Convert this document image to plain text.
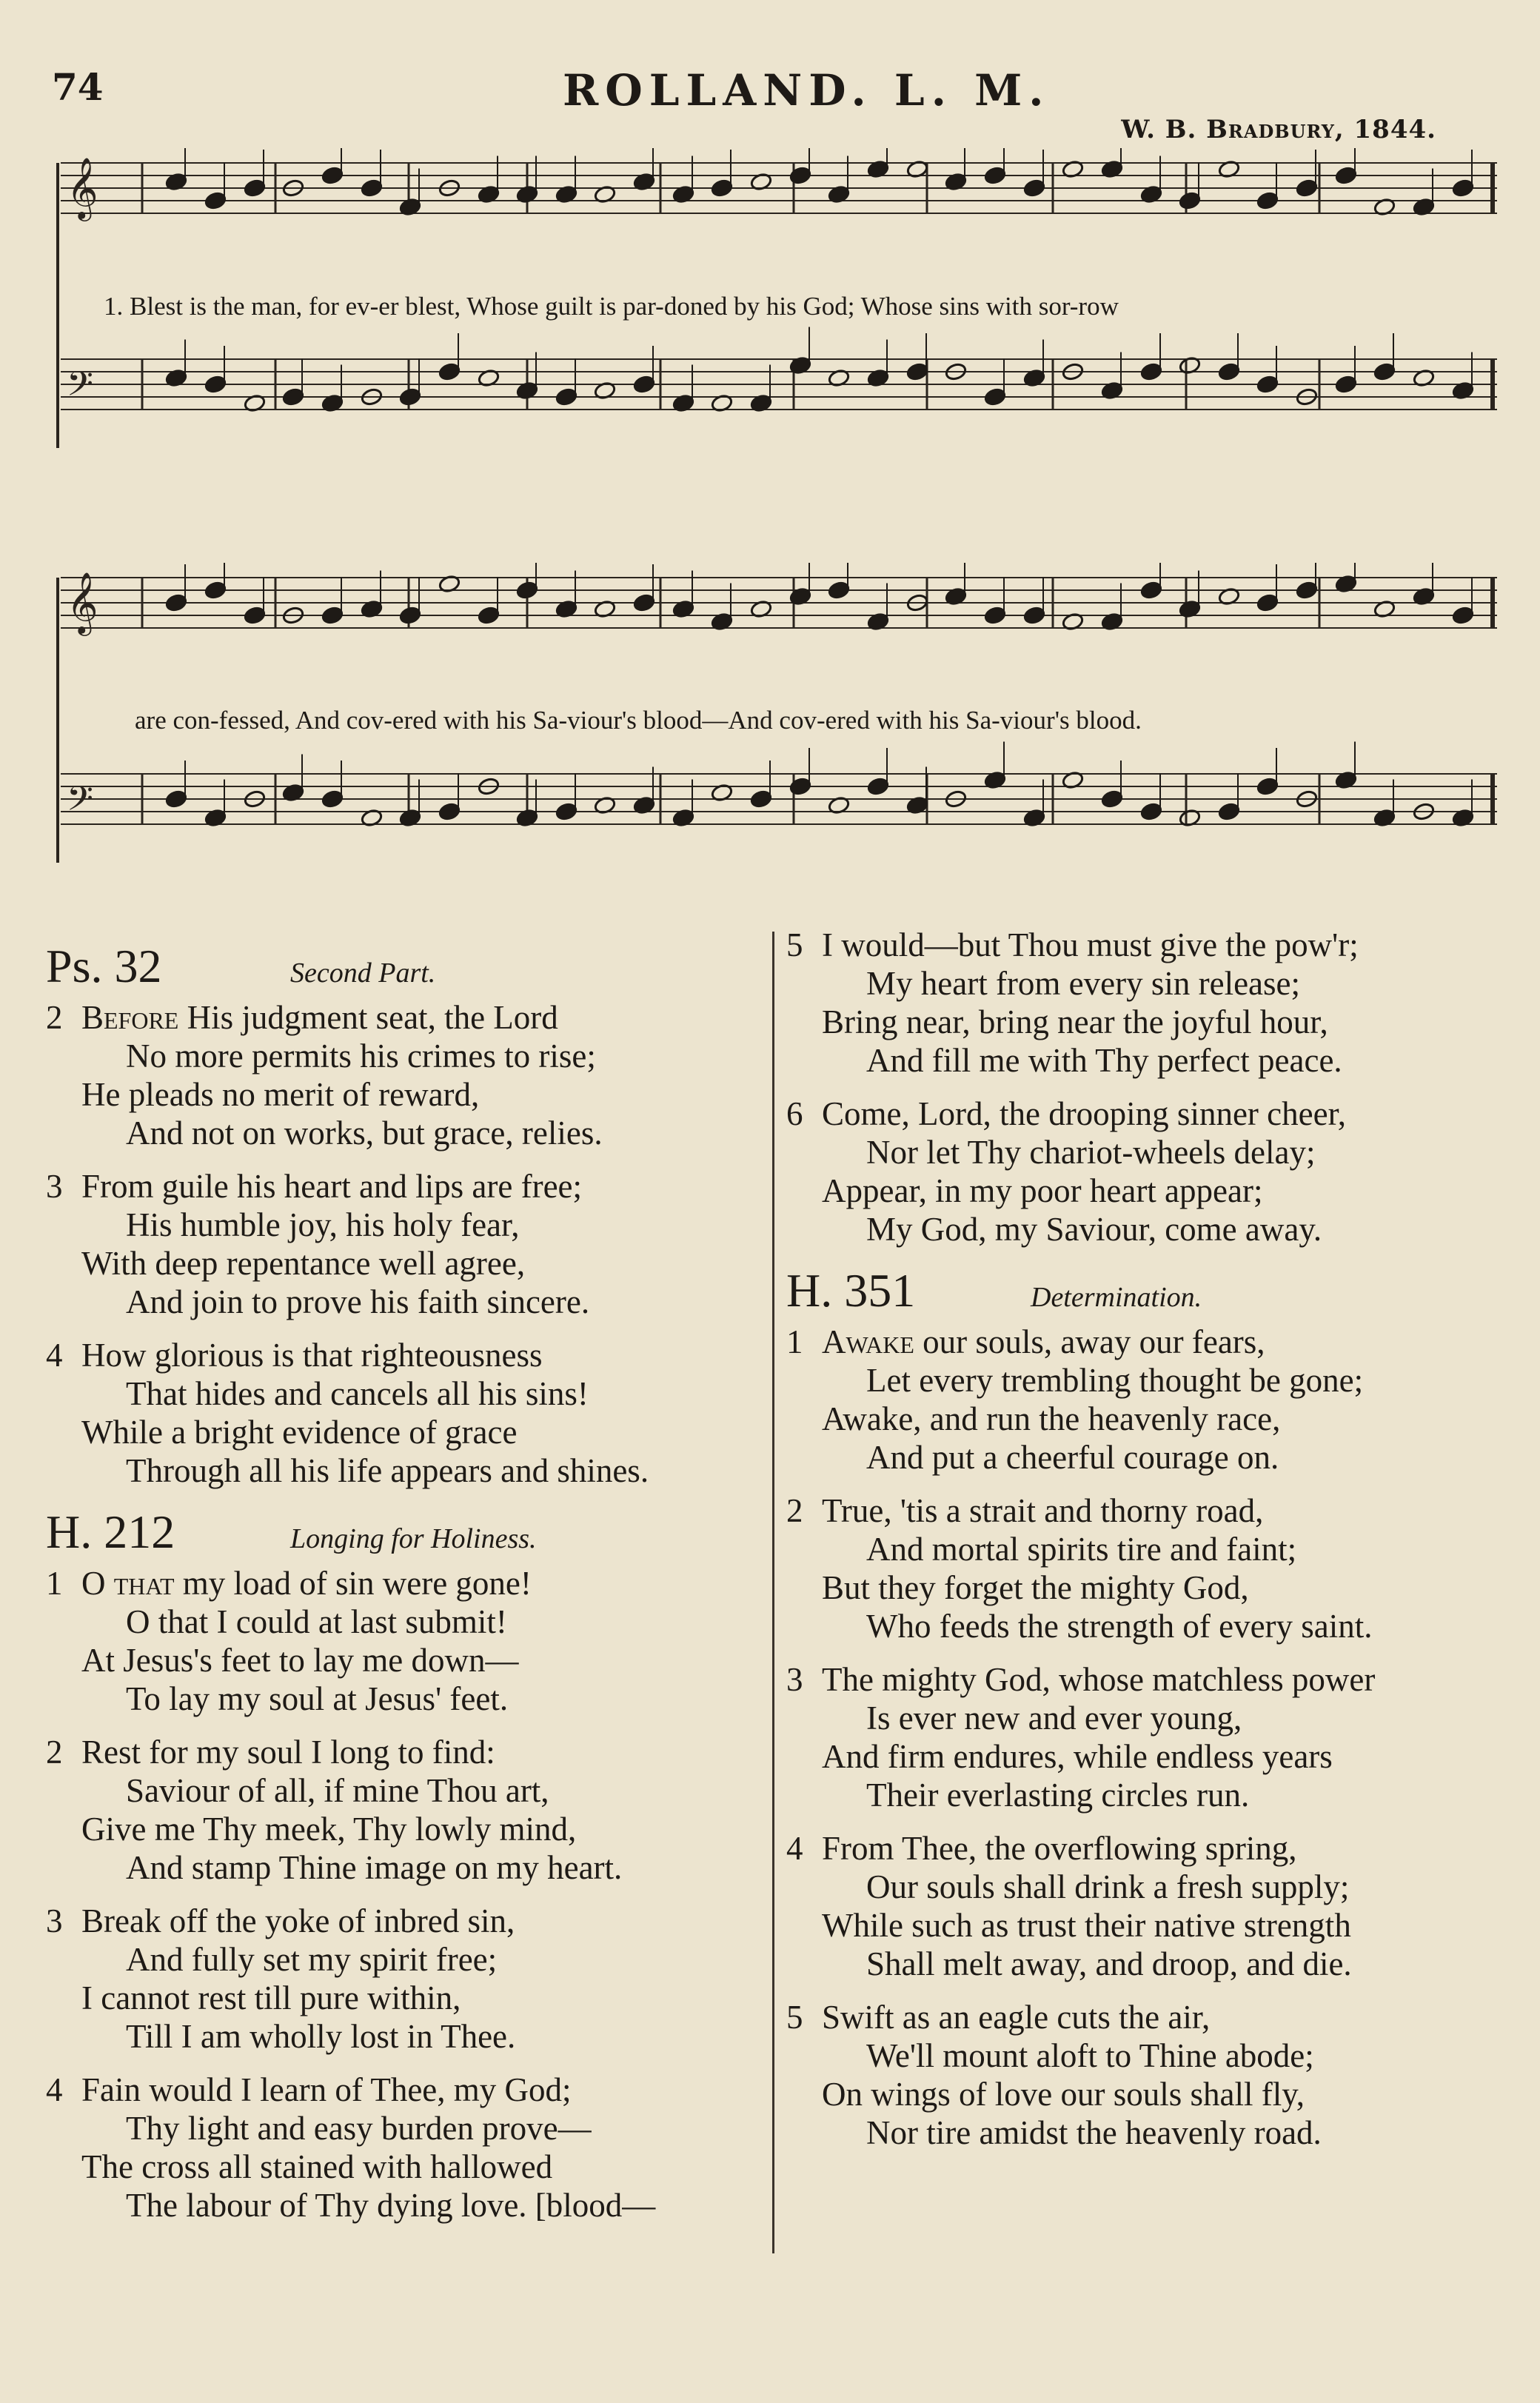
74	ROLLAND. L. M.
W. B. Bradbury, 1844.
𝄞
𝄢
1. Blest is the man, for ev-er blest, Whose guilt is par-doned by his God; Whose sins with sor-row
𝄞
𝄢
are con-fessed, And cov-ered with his Sa-viour's blood—And cov-ered with his Sa-viour's blood.
Ps. 32	Second Part.
2 Before His judgment seat, the Lord
No more permits his crimes to rise;
He pleads no merit of reward,
And not on works, but grace, relies.
3 From guile his heart and lips are free;
His humble joy, his holy fear,
With deep repentance well agree,
And join to prove his faith sincere.
4 How glorious is that righteousness
That hides and cancels all his sins!
While a bright evidence of grace
Through all his life appears and shines.
H. 212	Longing for Holiness.
1 O that my load of sin were gone!
O that I could at last submit!
At Jesus's feet to lay me down—
To lay my soul at Jesus' feet.
2 Rest for my soul I long to find:
Saviour of all, if mine Thou art,
Give me Thy meek, Thy lowly mind,
And stamp Thine image on my heart.
3 Break off the yoke of inbred sin,
And fully set my spirit free;
I cannot rest till pure within,
Till I am wholly lost in Thee.
4 Fain would I learn of Thee, my God;
Thy light and easy burden prove—
The cross all stained with hallowed
The labour of Thy dying love. [blood—
5 I would—but Thou must give the pow'r;
My heart from every sin release;
Bring near, bring near the joyful hour,
And fill me with Thy perfect peace.
6 Come, Lord, the drooping sinner cheer,
Nor let Thy chariot-wheels delay;
Appear, in my poor heart appear;
My God, my Saviour, come away.
H. 351	Determination.
1 Awake our souls, away our fears,
Let every trembling thought be gone;
Awake, and run the heavenly race,
And put a cheerful courage on.
2 True, 'tis a strait and thorny road,
And mortal spirits tire and faint;
But they forget the mighty God,
Who feeds the strength of every saint.
3 The mighty God, whose matchless power
Is ever new and ever young,
And firm endures, while endless years
Their everlasting circles run.
4 From Thee, the overflowing spring,
Our souls shall drink a fresh supply;
While such as trust their native strength
Shall melt away, and droop, and die.
5 Swift as an eagle cuts the air,
We'll mount aloft to Thine abode;
On wings of love our souls shall fly,
Nor tire amidst the heavenly road.
